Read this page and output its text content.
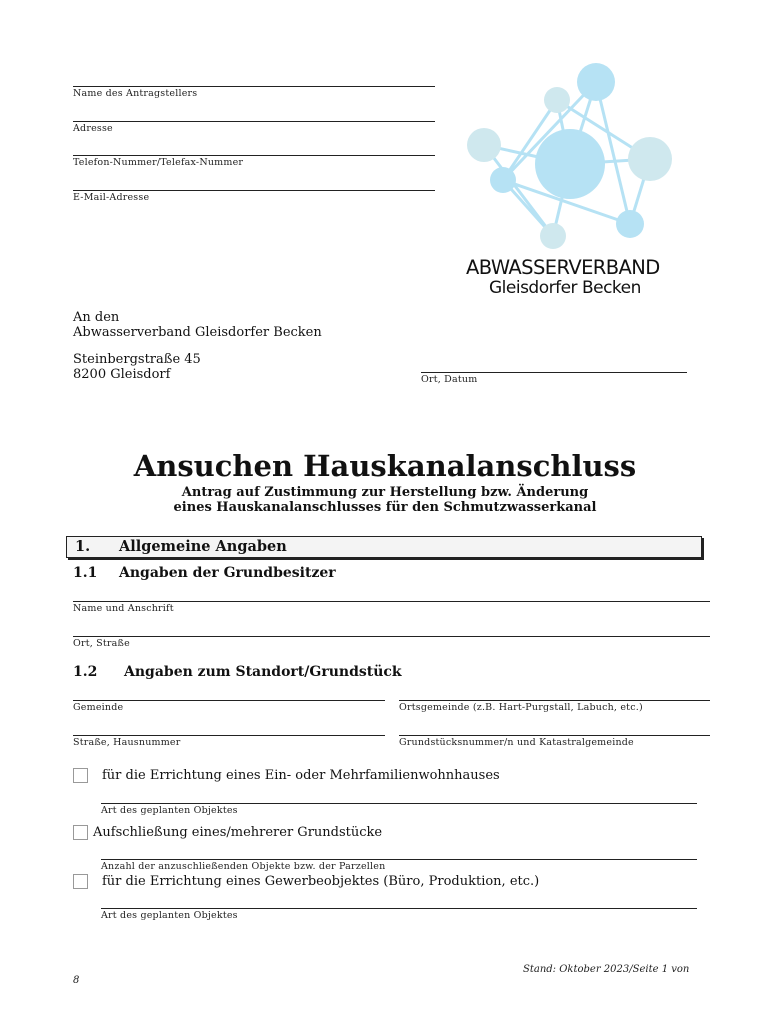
Name des Antragstellers
Adresse
Telefon-Nummer/Telefax-Nummer
E-Mail-Adresse
ABWASSERVERBAND
Gleisdorfer Becken
An den
Abwasserverband Gleisdorfer Becken
Steinbergstraße 45
8200 Gleisdorf	Ort, Datum
Ansuchen Hauskanalanschluss
Antrag auf Zustimmung zur Herstellung bzw. Änderung
eines Hauskanalanschlusses für den Schmutzwasserkanal
1. Allgemeine Angaben
1.1 Angaben der Grundbesitzer
Name und Anschrift
Ort, Straße
1.2 Angaben zum Standort/Grundstück
Gemeinde	Ortsgemeinde (z.B. Hart-Purgstall, Labuch, etc.)
Straße, Hausnummer	Grundstücksnummer/n und Katastralgemeinde
für die Errichtung eines Ein- oder Mehrfamilienwohnhauses
Art des geplanten Objektes
Aufschließung eines/mehrerer Grundstücke
Anzahl der anzuschließenden Objekte bzw. der Parzellen
für die Errichtung eines Gewerbeobjektes (Büro, Produktion, etc.)
Art des geplanten Objektes
Stand: Oktober 2023/Seite 1 von
8
